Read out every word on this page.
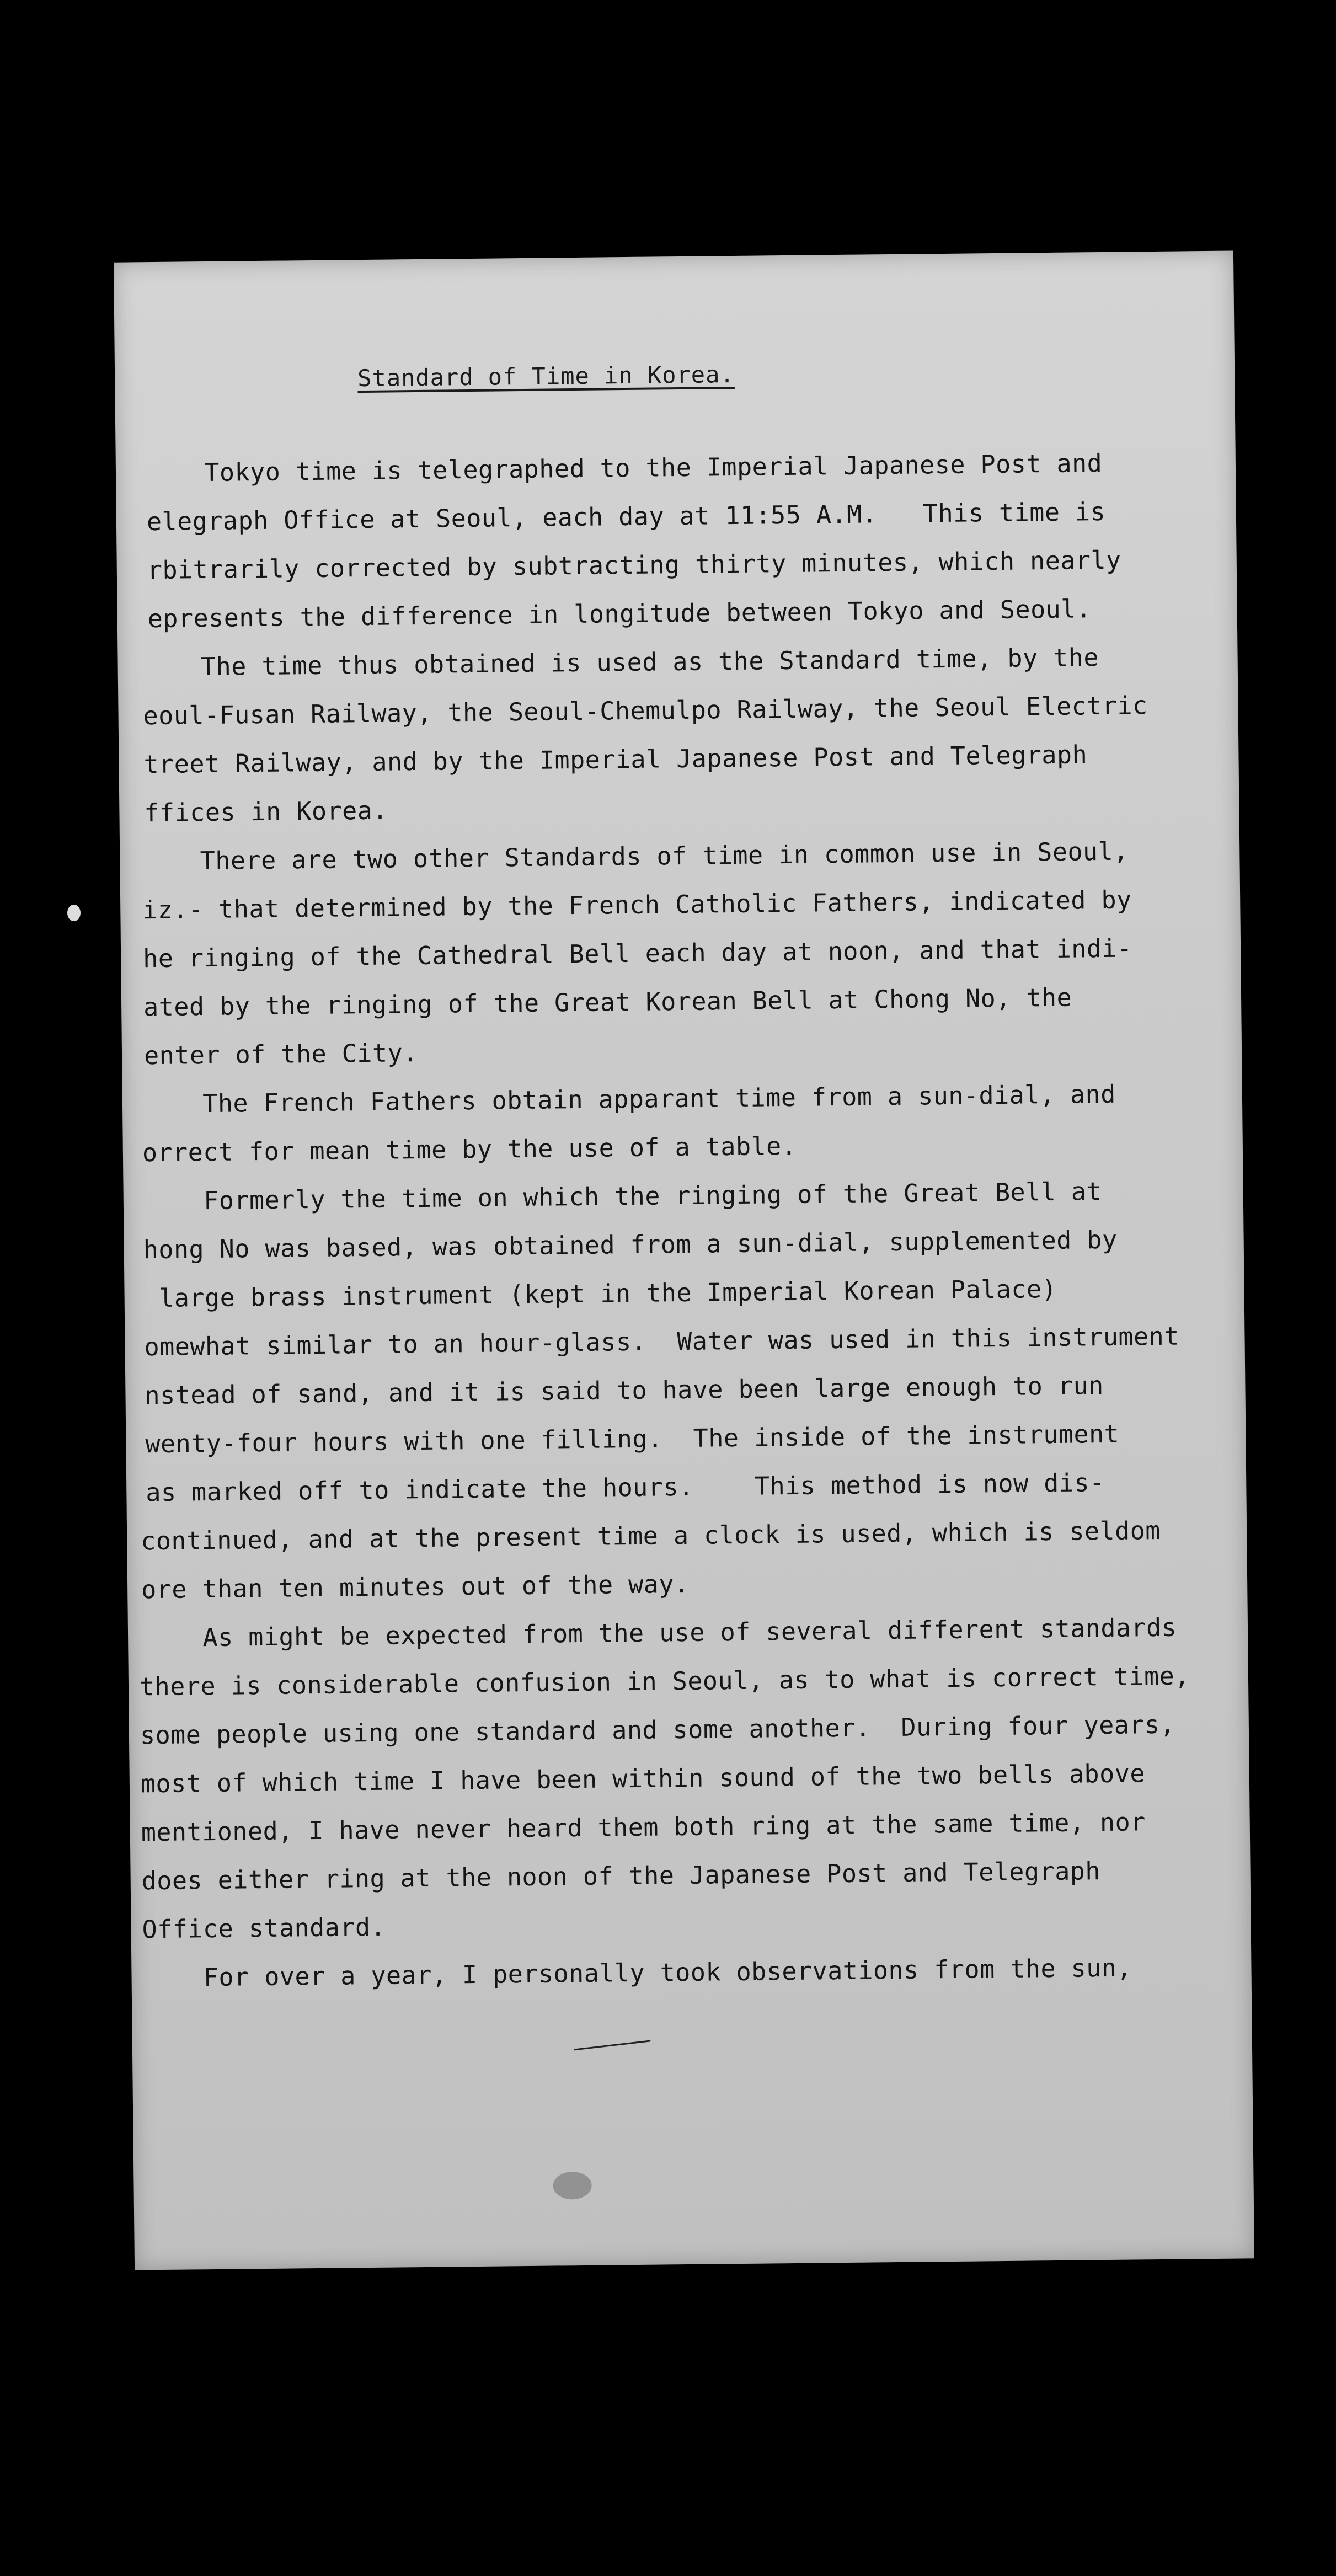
Standard of Time in Korea.
Tokyo time is telegraphed to the Imperial Japanese Post and
elegraph Office at Seoul, each day at 11:55 A.M.   This time is
rbitrarily corrected by subtracting thirty minutes, which nearly
epresents the difference in longitude between Tokyo and Seoul.
The time thus obtained is used as the Standard time, by the
eoul-Fusan Railway, the Seoul-Chemulpo Railway, the Seoul Electric
treet Railway, and by the Imperial Japanese Post and Telegraph
ffices in Korea.
There are two other Standards of time in common use in Seoul,
iz.- that determined by the French Catholic Fathers, indicated by
he ringing of the Cathedral Bell each day at noon, and that indi-
ated by the ringing of the Great Korean Bell at Chong No, the
enter of the City.
The French Fathers obtain apparant time from a sun-dial, and
orrect for mean time by the use of a table.
Formerly the time on which the ringing of the Great Bell at
hong No was based, was obtained from a sun-dial, supplemented by
large brass instrument (kept in the Imperial Korean Palace)
omewhat similar to an hour-glass.  Water was used in this instrument
nstead of sand, and it is said to have been large enough to run
wenty-four hours with one filling.  The inside of the instrument
as marked off to indicate the hours.    This method is now dis-
continued, and at the present time a clock is used, which is seldom
ore than ten minutes out of the way.
As might be expected from the use of several different standards
there is considerable confusion in Seoul, as to what is correct time,
some people using one standard and some another.  During four years,
most of which time I have been within sound of the two bells above
mentioned, I have never heard them both ring at the same time, nor
does either ring at the noon of the Japanese Post and Telegraph
Office standard.
For over a year, I personally took observations from the sun,
